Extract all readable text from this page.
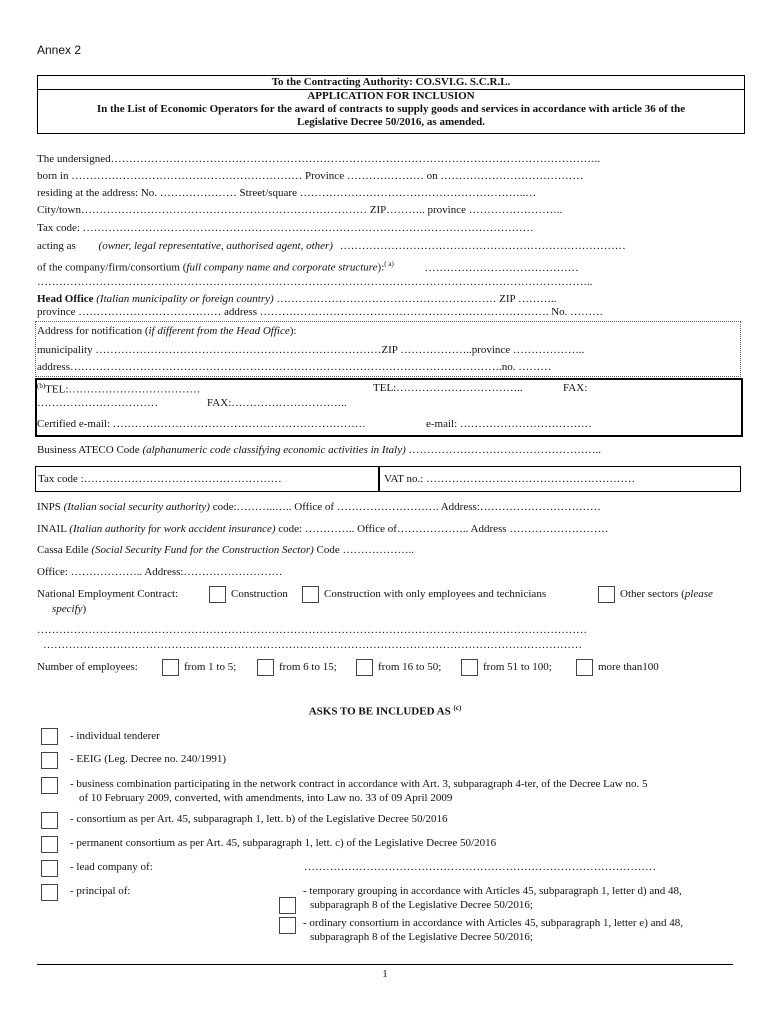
Annex 2
To the Contracting Authority: CO.SVI.G. S.C.R.L.
APPLICATION FOR INCLUSION
In the List of Economic Operators for the award of contracts to supply goods and services in accordance with article 36 of the
Legislative Decree 50/2016, as amended.
The undersigned……………………………………………………………………………………………………………………..
born in ……………………………………………………… Province ………………… on …………………………………
residing at the address: No. ………………… Street/square ……………………………………………………..…
City/town…………………………………………………………………… ZIP……….. province ……………………..
Tax code: ……………………………………………………………………………………………………………
acting as (owner, legal representative, authorised agent, other) ……………………………………………………………………
of the company/firm/consortium (full company name and corporate structure):$^{( a)}$	……………………………………
……………………………………………………………………………………………………………………………………..
Head Office (Italian municipality or foreign country) …………………………………………………… ZIP ………..
province ………………………………… address ……………………………………………………………………. No. ………
Address for notification (if different from the Head Office):
municipality ……………………………………………………………………ZIP ………………..province ………………..
address……………………………………………………………………………………………………….no. ………
$^{(b)}$TEL:………………………………	TEL:……………………………..	FAX:
……………………………	FAX:…………………………..
Certified e-mail: ……………………………………………………………	e-mail: ………………………………
Business ATECO Code (alphanumeric code classifying economic activities in Italy) ……………………………………………..
Tax code :………………………………………………	VAT no.: …………………………………………………
INPS (Italian social security authority) code:………..….. Office of ………………………. Address:……………………………
INAIL (Italian authority for work accident insurance) code: ………….. Office of……………….. Address ………………………
Cassa Edile (Social Security Fund for the Construction Sector) Code ………………..
Office: ……………….. Address:………………………
National Employment Contract:	Construction	Construction with only employees and technicians	Other sectors (please
specify)
……………………………………………………………………………………………………………………………………
…………………………………………………………………………………………………………………………………
Number of employees:	from 1 to 5;	from 6 to 15;	from 16 to 50;	from 51 to 100;	more than100
ASKS TO BE INCLUDED AS $^{(c)}$
- individual tenderer
- EEIG (Leg. Decree no. 240/1991)
- business combination participating in the network contract in accordance with Art. 3, subparagraph 4-ter, of the Decree Law no. 5
of 10 February 2009, converted, with amendments, into Law no. 33 of 09 April 2009
- consortium as per Art. 45, subparagraph 1, lett. b) of the Legislative Decree 50/2016
- permanent consortium as per Art. 45, subparagraph 1, lett. c) of the Legislative Decree 50/2016
- lead company of:	……………………………………………………………………………………
- principal of:	- temporary grouping in accordance with Articles 45, subparagraph 1, letter d) and 48,
subparagraph 8 of the Legislative Decree 50/2016;
- ordinary consortium in accordance with Articles 45, subparagraph 1, letter e) and 48,
subparagraph 8 of the Legislative Decree 50/2016;
1
